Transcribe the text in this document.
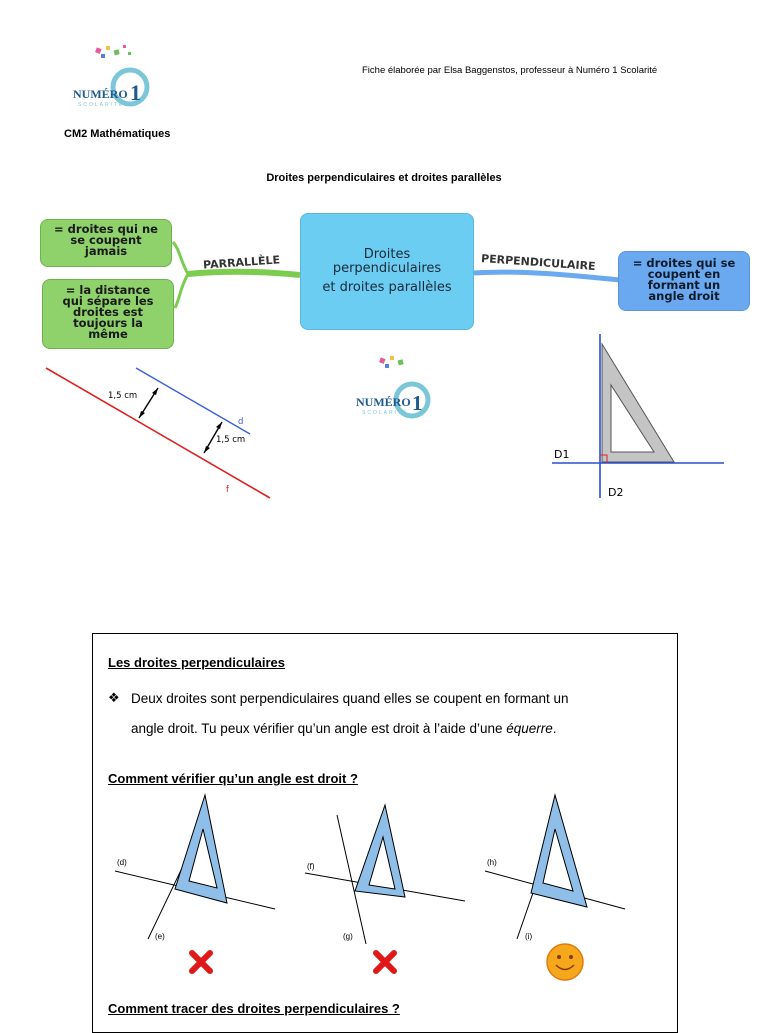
NUMÉRO 1
SCOLARITÉ
Fiche élaborée par Elsa Baggenstos, professeur à Numéro 1 Scolarité
CM2 Mathématiques
Droites perpendiculaires et droites parallèles
= droites qui ne
se coupent
jamais
= la distance
qui sépare les
droites est
toujours la
même
PARRALLÈLE	Droites
perpendiculaires
et droites parallèles
PERPENDICULAIRE	= droites qui se
coupent en
formant un
angle droit
NUMÉRO 1
SCOLARITÉ
1,5 cm
1,5 cm
d
f
D1
D2
Les droites perpendiculaires
❖ Deux droites sont perpendiculaires quand elles se coupent en formant un
angle droit. Tu peux vérifier qu’un angle est droit à l’aide d’une équerre.
Comment vérifier qu’un angle est droit ?
(d)
(e)
(f)
(g)
(h)
(i)
Comment tracer des droites perpendiculaires ?
